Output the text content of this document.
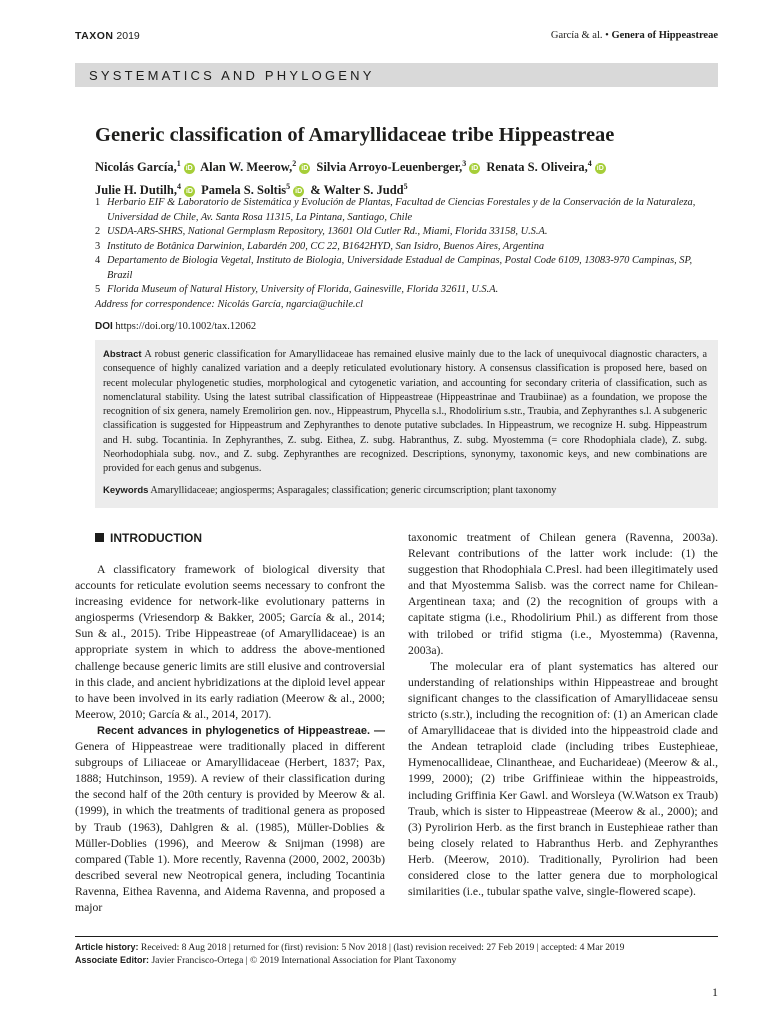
TAXON 2019	García & al. • Genera of Hippeastreae
SYSTEMATICS AND PHYLOGENY
Generic classification of Amaryllidaceae tribe Hippeastreae
Nicolás García,$^1$iD Alan W. Meerow,$^2$iD Silvia Arroyo-Leuenberger,$^3$iD Renata S. Oliveira,$^4$iD
Julie H. Dutilh,$^4$iD Pamela S. Soltis$^5$iD & Walter S. Judd$^5$
1 Herbario EIF & Laboratorio de Sistemática y Evolución de Plantas, Facultad de Ciencias Forestales y de la Conservación de la Naturaleza, Universidad de Chile, Av. Santa Rosa 11315, La Pintana, Santiago, Chile
2 USDA-ARS-SHRS, National Germplasm Repository, 13601 Old Cutler Rd., Miami, Florida 33158, U.S.A.
3 Instituto de Botânica Darwinion, Labardén 200, CC 22, B1642HYD, San Isidro, Buenos Aires, Argentina
4 Departamento de Biologia Vegetal, Instituto de Biologia, Universidade Estadual de Campinas, Postal Code 6109, 13083-970 Campinas, SP, Brazil
5 Florida Museum of Natural History, University of Florida, Gainesville, Florida 32611, U.S.A.
Address for correspondence: Nicolás García, ngarcia@uchile.cl
DOI https://doi.org/10.1002/tax.12062
Abstract A robust generic classification for Amaryllidaceae has remained elusive mainly due to the lack of unequivocal diagnostic characters, a consequence of highly canalized variation and a deeply reticulated evolutionary history. A consensus classification is proposed here, based on recent molecular phylogenetic studies, morphological and cytogenetic variation, and accounting for secondary criteria of classification, such as nomenclatural stability. Using the latest sutribal classification of Hippeastreae (Hippeastrinae and Traubiinae) as a foundation, we propose the recognition of six genera, namely Eremolirion gen. nov., Hippeastrum, Phycella s.l., Rhodolirium s.str., Traubia, and Zephyranthes s.l. A subgeneric classification is suggested for Hippeastrum and Zephyranthes to denote putative subclades. In Hippeastrum, we recognize H. subg. Hippeastrum and H. subg. Tocantinia. In Zephyranthes, Z. subg. Eithea, Z. subg. Habranthus, Z. subg. Myostemma (= core Rhodophiala clade), Z. subg. Neorhodophiala subg. nov., and Z. subg. Zephyranthes are recognized. Descriptions, synonymy, taxonomic keys, and new combinations are provided for each genus and subgenus.
Keywords Amaryllidaceae; angiosperms; Asparagales; classification; generic circumscription; plant taxonomy
INTRODUCTION

A classificatory framework of biological diversity that accounts for reticulate evolution seems necessary to confront the increasing evidence for network-like evolutionary patterns in angiosperms (Vriesendorp & Bakker, 2005; García & al., 2014; Sun & al., 2015). Tribe Hippeastreae (of Amaryllidaceae) is an appropriate system in which to address the above-mentioned challenge because generic limits are still elusive and controversial in this clade, and ancient hybridizations at the diploid level appear to have been involved in its early radiation (Meerow & al., 2000; Meerow, 2010; García & al., 2014, 2017).

Recent advances in phylogenetics of Hippeastreae. — Genera of Hippeastreae were traditionally placed in different subgroups of Liliaceae or Amaryllidaceae (Herbert, 1837; Pax, 1888; Hutchinson, 1959). A review of their classification during the second half of the 20th century is provided by Meerow & al. (1999), in which the treatments of traditional genera as proposed by Traub (1963), Dahlgren & al. (1985), Müller-Doblies & Müller-Doblies (1996), and Meerow & Snijman (1998) are compared (Table 1). More recently, Ravenna (2000, 2002, 2003b) described several new Neotropical genera, including Tocantinia Ravenna, Eithea Ravenna, and Aidema Ravenna, and proposed a major

taxonomic treatment of Chilean genera (Ravenna, 2003a). Relevant contributions of the latter work include: (1) the suggestion that Rhodophiala C.Presl. had been illegitimately used and that Myostemma Salisb. was the correct name for Chilean-Argentinean taxa; and (2) the recognition of groups with a capitate stigma (i.e., Rhodolirium Phil.) as different from those with trilobed or trifid stigma (i.e., Myostemma) (Ravenna, 2003a).

The molecular era of plant systematics has altered our understanding of relationships within Hippeastreae and brought significant changes to the classification of Amaryllidaceae sensu stricto (s.str.), including the recognition of: (1) an American clade of Amaryllidaceae that is divided into the hippeastroid clade and the Andean tetraploid clade (including tribes Eustephieae, Hymenocallideae, Clinantheae, and Eucharideae) (Meerow & al., 1999, 2000); (2) tribe Griffinieae within the hippeastroids, including Griffinia Ker Gawl. and Worsleya (W.Watson ex Traub) Traub, which is sister to Hippeastreae (Meerow & al., 2000); and (3) Pyrolirion Herb. as the first branch in Eustephieae rather than being closely related to Habranthus Herb. and Zephyranthes Herb. (Meerow, 2010). Traditionally, Pyrolirion had been considered close to the latter genera due to morphological similarities (i.e., tubular spathe valve, single-flowered scape).

Article history: Received: 8 Aug 2018 | returned for (first) revision: 5 Nov 2018 | (last) revision received: 27 Feb 2019 | accepted: 4 Mar 2019
Associate Editor: Javier Francisco-Ortega | © 2019 International Association for Plant Taxonomy
1
